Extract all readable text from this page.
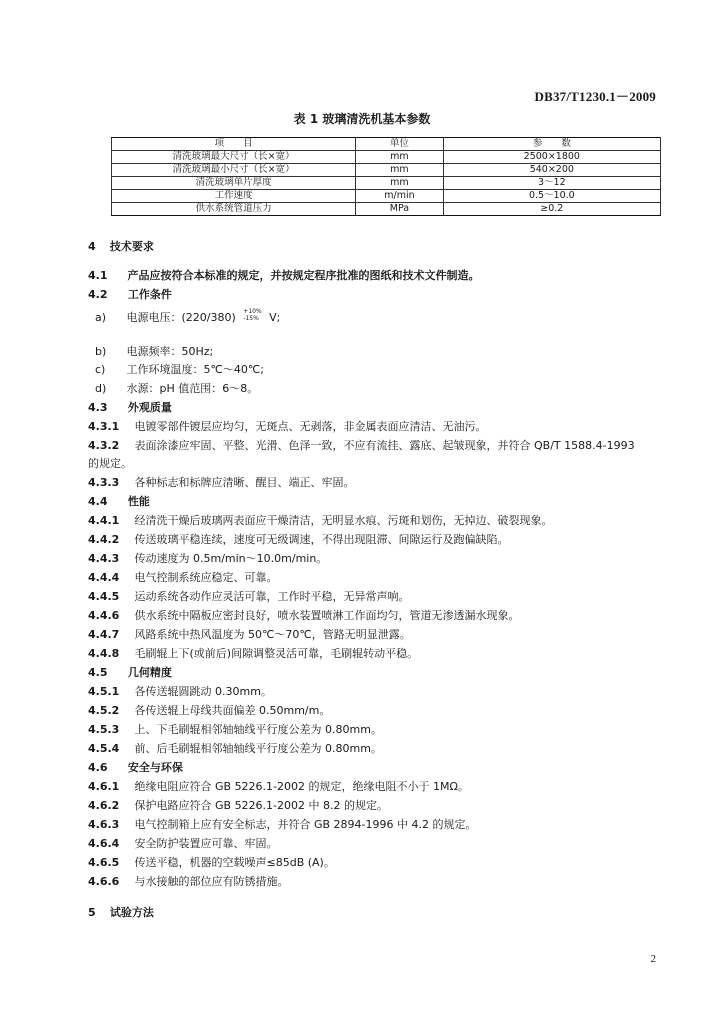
DB37/T1230.1－2009
表 1 玻璃清洗机基本参数
项　　目	单位	参　　数
清洗玻璃最大尺寸（长×宽）	mm	2500×1800
清洗玻璃最小尺寸（长×宽）	mm	540×200
清洗玻璃单片厚度	mm	3～12
工作速度	m/min	0.5～10.0
供水系统管道压力	MPa	≥0.2
4 技术要求
4.1 产品应按符合本标准的规定，并按规定程序批准的图纸和技术文件制造。
4.2 工作条件
a) 电源电压：(220/380) +10%
-15% V;
b) 电源频率：50Hz;
c) 工作环境温度：5℃～40℃;
d) 水源：pH 值范围：6～8。
4.3 外观质量
4.3.1 电镀零部件镀层应均匀，无斑点、无剥落，非金属表面应清洁、无油污。
4.3.2 表面涂漆应牢固、平整、光滑、色泽一致，不应有流挂、露底、起皱现象，并符合 QB/T 1588.4-1993
的规定。
4.3.3 各种标志和标牌应清晰、醒目、端正、牢固。
4.4 性能
4.4.1 经清洗干燥后玻璃两表面应干燥清洁，无明显水痕、污斑和划伤，无掉边、破裂现象。
4.4.2 传送玻璃平稳连续，速度可无级调速，不得出现阻滞、间隙运行及跑偏缺陷。
4.4.3 传动速度为 0.5m/min～10.0m/min。
4.4.4 电气控制系统应稳定、可靠。
4.4.5 运动系统各动作应灵活可靠，工作时平稳，无异常声响。
4.4.6 供水系统中隔板应密封良好，喷水装置喷淋工作面均匀，管道无渗透漏水现象。
4.4.7 风路系统中热风温度为 50℃～70℃，管路无明显泄露。
4.4.8 毛刷辊上下(或前后)间隙调整灵活可靠，毛刷辊转动平稳。
4.5 几何精度
4.5.1 各传送辊圆跳动 0.30mm。
4.5.2 各传送辊上母线共面偏差 0.50mm/m。
4.5.3 上、下毛刷辊相邻轴轴线平行度公差为 0.80mm。
4.5.4 前、后毛刷辊相邻轴轴线平行度公差为 0.80mm。
4.6 安全与环保
4.6.1 绝缘电阻应符合 GB 5226.1-2002 的规定，绝缘电阻不小于 1MΩ。
4.6.2 保护电路应符合 GB 5226.1-2002 中 8.2 的规定。
4.6.3 电气控制箱上应有安全标志，并符合 GB 2894-1996 中 4.2 的规定。
4.6.4 安全防护装置应可靠、牢固。
4.6.5 传送平稳，机器的空载噪声≤85dB (A)。
4.6.6 与水接触的部位应有防锈措施。
5 试验方法
2
